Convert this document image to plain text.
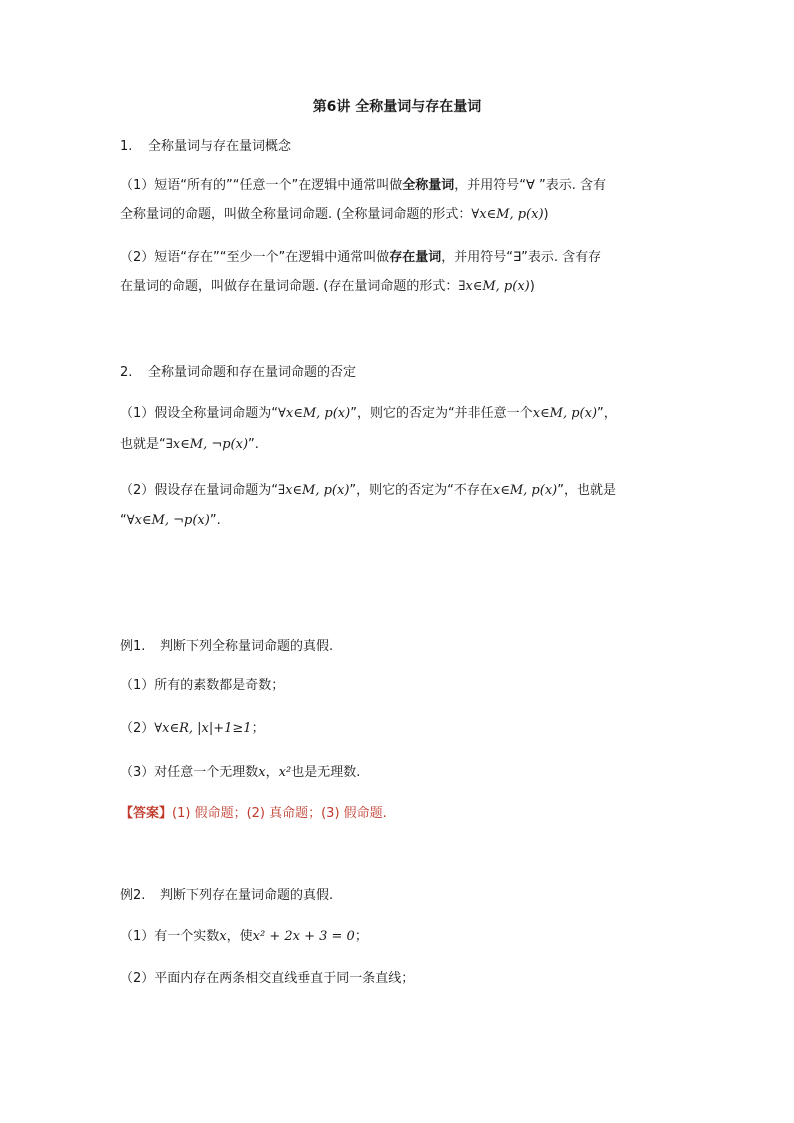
第6讲 全称量词与存在量词
1. 全称量词与存在量词概念
（1）短语“所有的”“任意一个”在逻辑中通常叫做全称量词，并用符号“∀ ”表示. 含有
全称量词的命题，叫做全称量词命题. (全称量词命题的形式：∀x∈M, p(x))
（2）短语“存在”“至少一个”在逻辑中通常叫做存在量词，并用符号“∃”表示. 含有存
在量词的命题，叫做存在量词命题. (存在量词命题的形式：∃x∈M, p(x))
2. 全称量词命题和存在量词命题的否定
（1）假设全称量词命题为“∀x∈M, p(x)”，则它的否定为“并非任意一个x∈M, p(x)”，
也就是“∃x∈M, ¬p(x)”.
（2）假设存在量词命题为“∃x∈M, p(x)”，则它的否定为“不存在x∈M, p(x)”，也就是
“∀x∈M, ¬p(x)”.
例1. 判断下列全称量词命题的真假.
（1）所有的素数都是奇数；
（2）∀x∈R, |x|+1≥1；
（3）对任意一个无理数x，x²也是无理数.
【答案】(1) 假命题；(2) 真命题；(3) 假命题.
例2. 判断下列存在量词命题的真假.
（1）有一个实数x，使x² + 2x + 3 = 0；
（2）平面内存在两条相交直线垂直于同一条直线；
